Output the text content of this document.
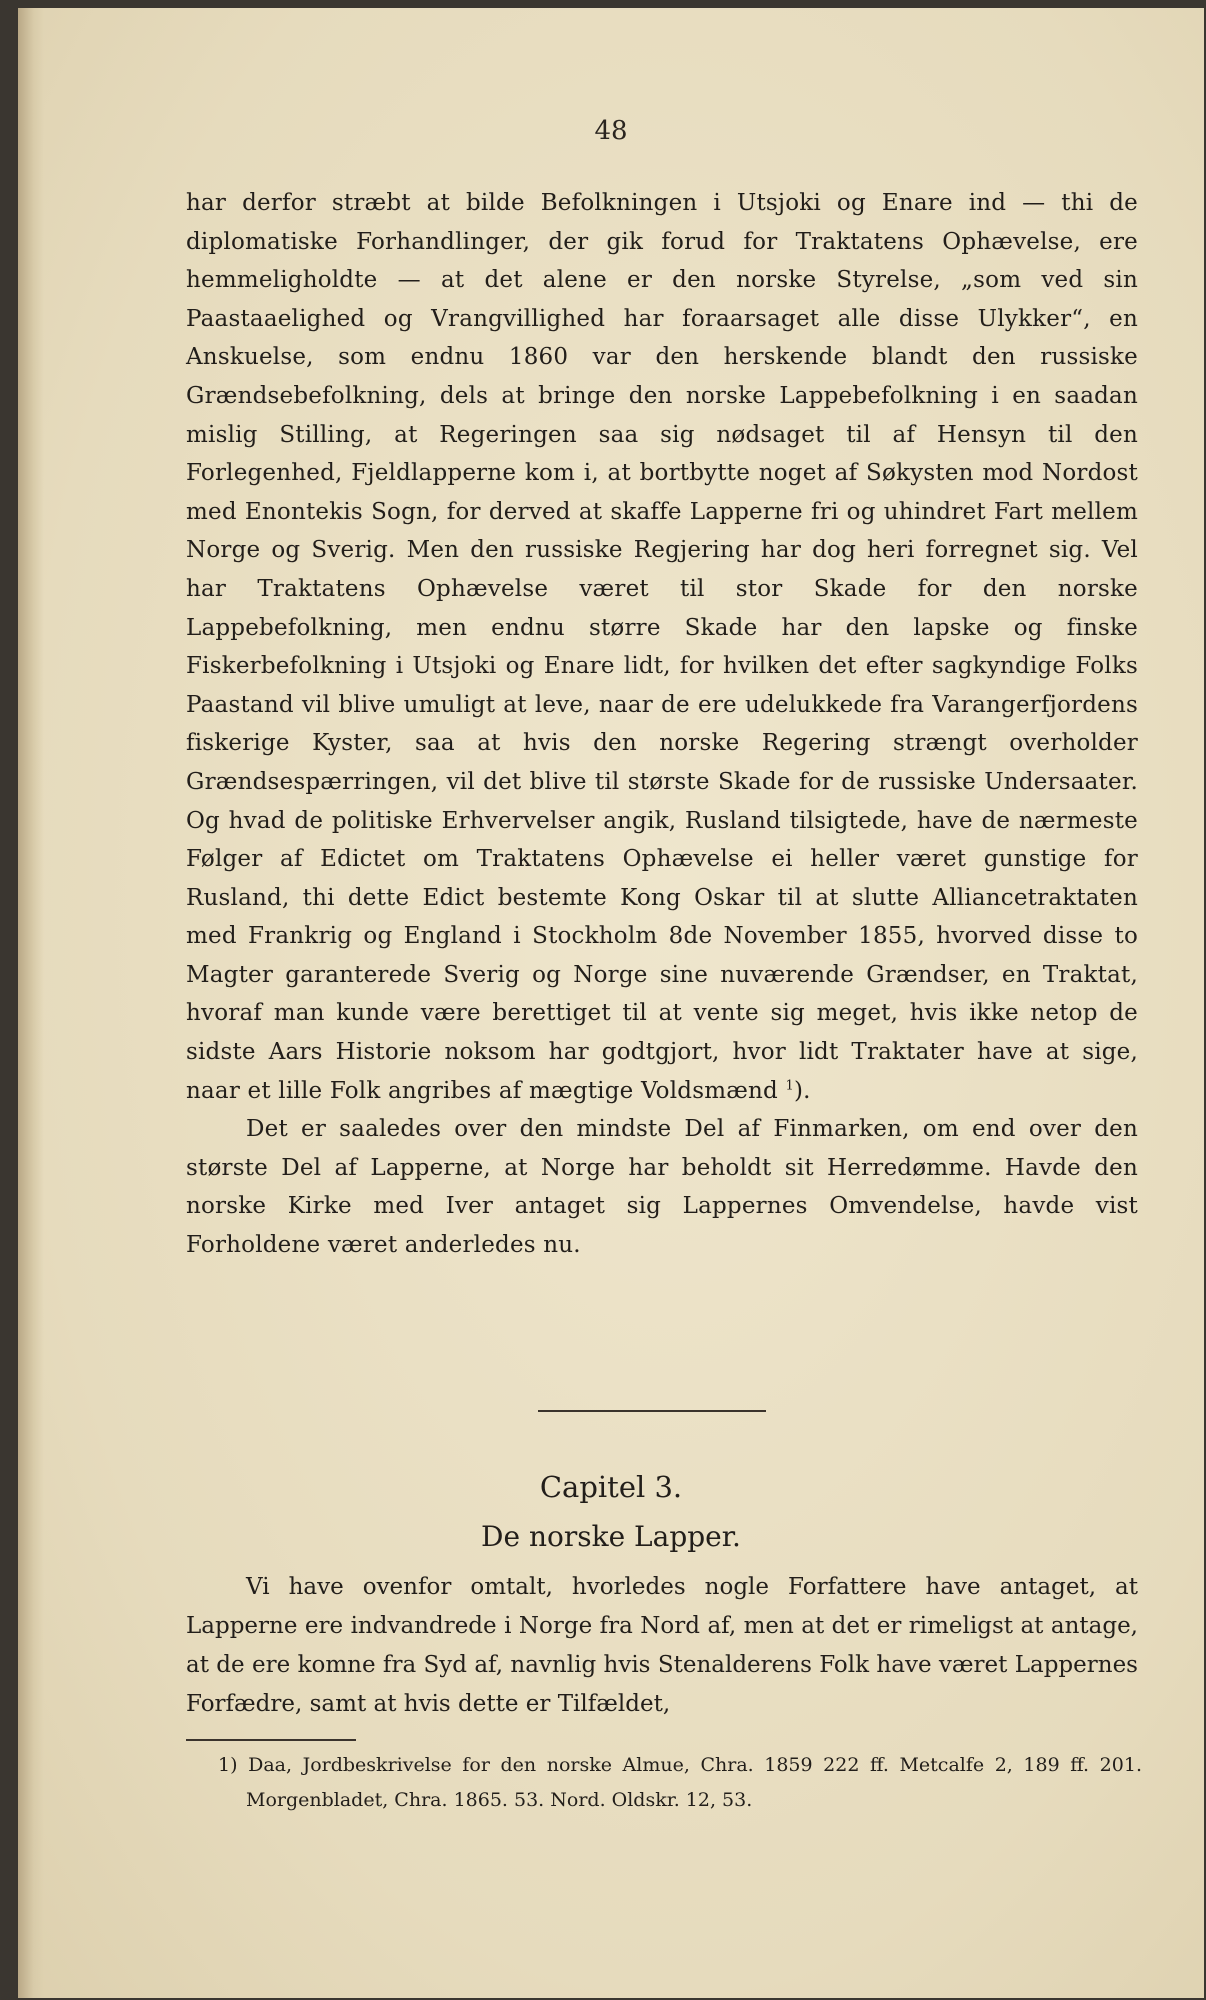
48

har derfor stræbt at bilde Befolkningen i Utsjoki og Enare ind — thi de diplomatiske Forhandlinger, der gik forud for Traktatens Ophævelse, ere hemmeligholdte — at det alene er den norske Styrelse, „som ved sin Paastaaelighed og Vrangvillighed har foraarsaget alle disse Ulykker“, en Anskuelse, som endnu 1860 var den herskende blandt den russiske Grændsebefolkning, dels at bringe den norske Lappebefolkning i en saadan mislig Stilling, at Regeringen saa sig nødsaget til af Hensyn til den Forlegenhed, Fjeldlapperne kom i, at bortbytte noget af Søkysten mod Nordost med Enontekis Sogn, for derved at skaffe Lapperne fri og uhindret Fart mellem Norge og Sverig. Men den russiske Regjering har dog heri forregnet sig. Vel har Traktatens Ophævelse været til stor Skade for den norske Lappebefolkning, men endnu større Skade har den lapske og finske Fiskerbefolkning i Utsjoki og Enare lidt, for hvilken det efter sagkyndige Folks Paastand vil blive umuligt at leve, naar de ere udelukkede fra Varangerfjordens fiskerige Kyster, saa at hvis den norske Regering strængt overholder Grændsespærringen, vil det blive til største Skade for de russiske Undersaater. Og hvad de politiske Erhvervelser angik, Rusland tilsigtede, have de nærmeste Følger af Edictet om Traktatens Ophævelse ei heller været gunstige for Rusland, thi dette Edict bestemte Kong Oskar til at slutte Alliancetraktaten med Frankrig og England i Stockholm 8de November 1855, hvorved disse to Magter garanterede Sverig og Norge sine nuværende Grændser, en Traktat, hvoraf man kunde være berettiget til at vente sig meget, hvis ikke netop de sidste Aars Historie noksom har godtgjort, hvor lidt Traktater have at sige, naar et lille Folk angribes af mægtige Voldsmænd $^1$).

Det er saaledes over den mindste Del af Finmarken, om end over den største Del af Lapperne, at Norge har beholdt sit Herredømme. Havde den norske Kirke med Iver antaget sig Lappernes Omvendelse, havde vist Forholdene været anderledes nu.

Capitel 3.
De norske Lapper.

Vi have ovenfor omtalt, hvorledes nogle Forfattere have antaget, at Lapperne ere indvandrede i Norge fra Nord af, men at det er rimeligst at antage, at de ere komne fra Syd af, navnlig hvis Stenalderens Folk have været Lappernes Forfædre, samt at hvis dette er Tilfældet,

1) Daa, Jordbeskrivelse for den norske Almue, Chra. 1859 222 ff. Metcalfe 2, 189 ff. 201. Morgenbladet, Chra. 1865. 53. Nord. Oldskr. 12, 53.
